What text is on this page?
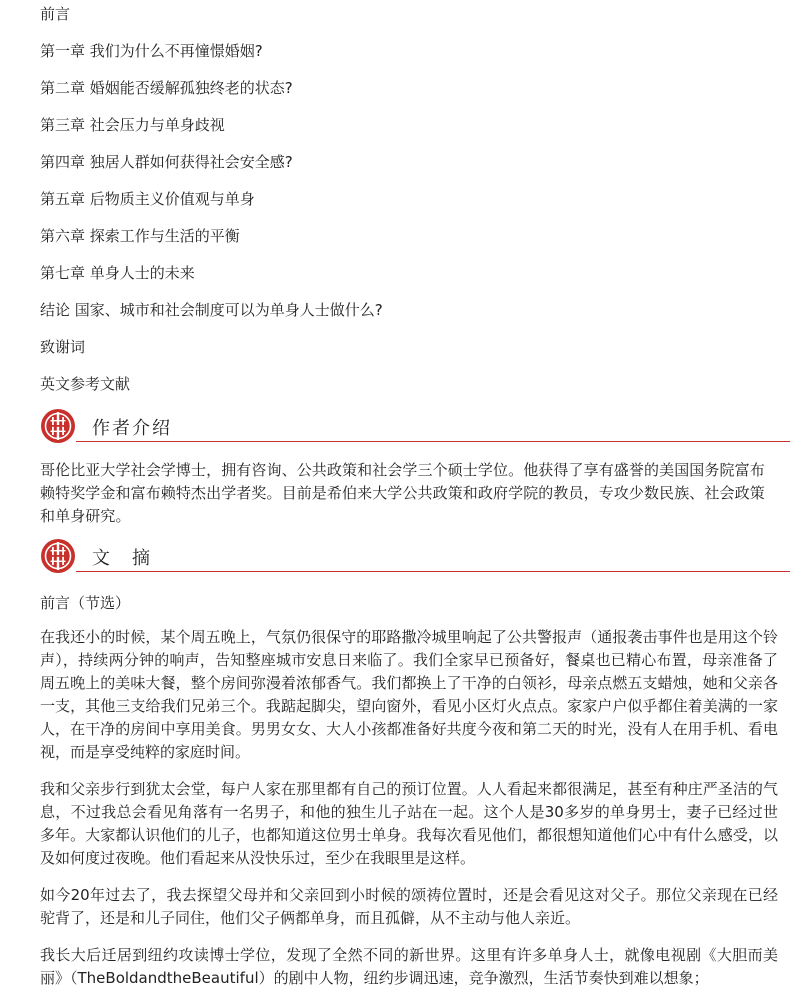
前言
第一章 我们为什么不再憧憬婚姻?
第二章 婚姻能否缓解孤独终老的状态?
第三章 社会压力与单身歧视
第四章 独居人群如何获得社会安全感?
第五章 后物质主义价值观与单身
第六章 探索工作与生活的平衡
第七章 单身人士的未来
结论 国家、城市和社会制度可以为单身人士做什么?
致谢词
英文参考文献
作者介绍
哥伦比亚大学社会学博士，拥有咨询、公共政策和社会学三个硕士学位。他获得了享有盛誉的美国国务院富布赖特奖学金和富布赖特杰出学者奖。目前是希伯来大学公共政策和政府学院的教员，专攻少数民族、社会政策和单身研究。
文　摘
前言（节选）

在我还小的时候，某个周五晚上，气氛仍很保守的耶路撒冷城里响起了公共警报声（通报袭击事件也是用这个铃声），持续两分钟的响声，告知整座城市安息日来临了。我们全家早已预备好，餐桌也已精心布置，母亲准备了周五晚上的美味大餐，整个房间弥漫着浓郁香气。我们都换上了干净的白领衫，母亲点燃五支蜡烛，她和父亲各一支，其他三支给我们兄弟三个。我踮起脚尖，望向窗外，看见小区灯火点点。家家户户似乎都住着美满的一家人，在干净的房间中享用美食。男男女女、大人小孩都准备好共度今夜和第二天的时光，没有人在用手机、看电视，而是享受纯粹的家庭时间。

我和父亲步行到犹太会堂，每户人家在那里都有自己的预订位置。人人看起来都很满足，甚至有种庄严圣洁的气息，不过我总会看见角落有一名男子，和他的独生儿子站在一起。这个人是30多岁的单身男士，妻子已经过世多年。大家都认识他们的儿子，也都知道这位男士单身。我每次看见他们，都很想知道他们心中有什么感受，以及如何度过夜晚。他们看起来从没快乐过，至少在我眼里是这样。

如今20年过去了，我去探望父母并和父亲回到小时候的颂祷位置时，还是会看见这对父子。那位父亲现在已经驼背了，还是和儿子同住，他们父子俩都单身，而且孤僻，从不主动与他人亲近。

我长大后迁居到纽约攻读博士学位，发现了全然不同的新世界。这里有许多单身人士，就像电视剧《大胆而美丽》（TheBoldandtheBeautiful）的剧中人物，纽约步调迅速，竞争激烈，生活节奏快到难以想象；
